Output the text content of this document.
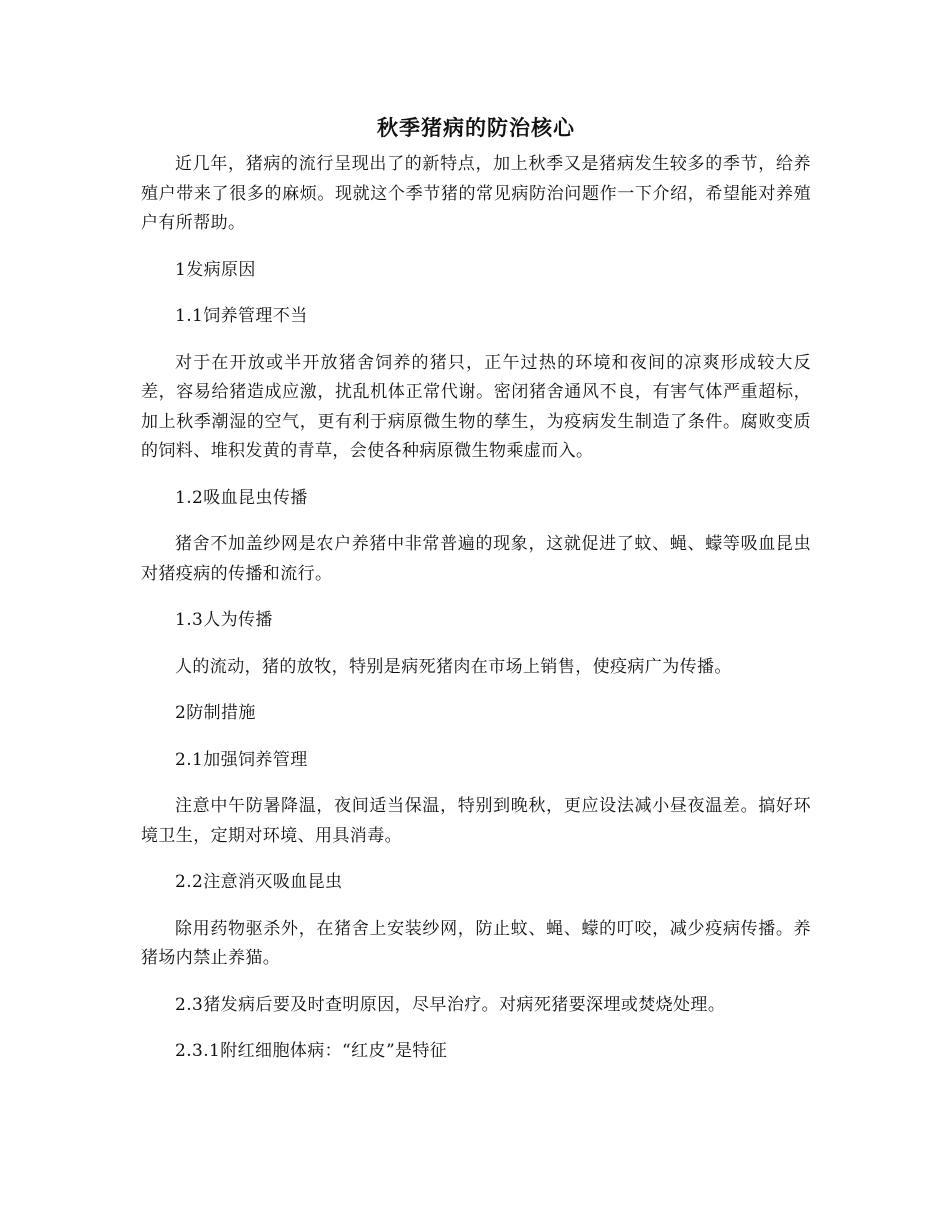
秋季猪病的防治核心

近几年，猪病的流行呈现出了的新特点，加上秋季又是猪病发生较多的季节，给养殖户带来了很多的麻烦。现就这个季节猪的常见病防治问题作一下介绍，希望能对养殖户有所帮助。

1发病原因

1.1饲养管理不当

对于在开放或半开放猪舍饲养的猪只，正午过热的环境和夜间的凉爽形成较大反差，容易给猪造成应激，扰乱机体正常代谢。密闭猪舍通风不良，有害气体严重超标，加上秋季潮湿的空气，更有利于病原微生物的孳生，为疫病发生制造了条件。腐败变质的饲料、堆积发黄的青草，会使各种病原微生物乘虚而入。

1.2吸血昆虫传播

猪舍不加盖纱网是农户养猪中非常普遍的现象，这就促进了蚊、蝇、蠓等吸血昆虫对猪疫病的传播和流行。

1.3人为传播

人的流动，猪的放牧，特别是病死猪肉在市场上销售，使疫病广为传播。

2防制措施

2.1加强饲养管理

注意中午防暑降温，夜间适当保温，特别到晚秋，更应设法减小昼夜温差。搞好环境卫生，定期对环境、用具消毒。

2.2注意消灭吸血昆虫

除用药物驱杀外，在猪舍上安装纱网，防止蚊、蝇、蠓的叮咬，减少疫病传播。养猪场内禁止养猫。

2.3猪发病后要及时查明原因，尽早治疗。对病死猪要深埋或焚烧处理。

2.3.1附红细胞体病：“红皮”是特征
